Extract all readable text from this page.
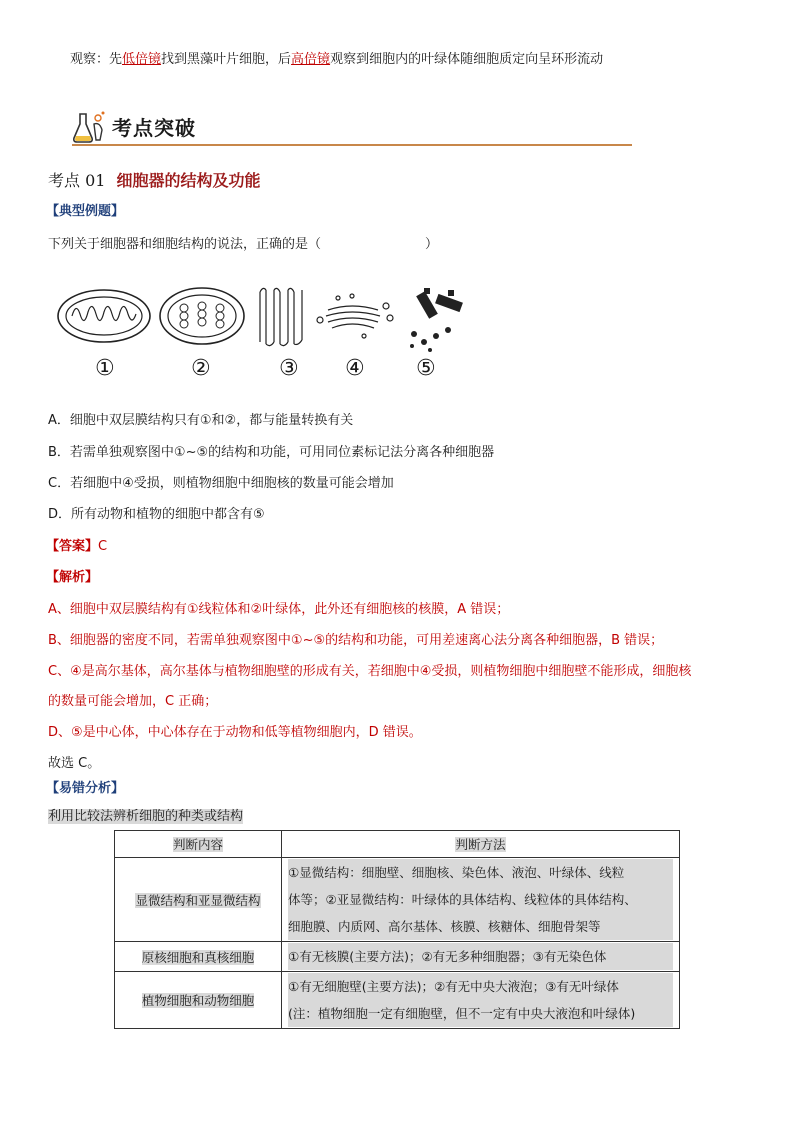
观察：先低倍镜找到黑藻叶片细胞，后高倍镜观察到细胞内的叶绿体随细胞质定向呈环形流动
考点突破
考点 01 细胞器的结构及功能
【典型例题】
下列关于细胞器和细胞结构的说法，正确的是（　　　　　　　　）
①	②	③ ④ ⑤
A．细胞中双层膜结构只有①和②，都与能量转换有关
B．若需单独观察图中①~⑤的结构和功能，可用同位素标记法分离各种细胞器
C．若细胞中④受损，则植物细胞中细胞核的数量可能会增加
D．所有动物和植物的细胞中都含有⑤
【答案】C
【解析】
A、细胞中双层膜结构有①线粒体和②叶绿体，此外还有细胞核的核膜，A 错误；
B、细胞器的密度不同，若需单独观察图中①~⑤的结构和功能，可用差速离心法分离各种细胞器，B 错误；
C、④是高尔基体，高尔基体与植物细胞壁的形成有关，若细胞中④受损，则植物细胞中细胞壁不能形成，细胞核
的数量可能会增加，C 正确；
D、⑤是中心体，中心体存在于动物和低等植物细胞内，D 错误。
故选 C。
【易错分析】
利用比较法辨析细胞的种类或结构
判断内容	判断方法
显微结构和亚显微结构	①显微结构：细胞壁、细胞核、染色体、液泡、叶绿体、线粒
体等；②亚显微结构：叶绿体的具体结构、线粒体的具体结构、
细胞膜、内质网、高尔基体、核膜、核糖体、细胞骨架等

原核细胞和真核细胞	①有无核膜(主要方法)；②有无多种细胞器；③有无染色体

植物细胞和动物细胞	①有无细胞壁(主要方法)；②有无中央大液泡；③有无叶绿体
(注：植物细胞一定有细胞壁，但不一定有中央大液泡和叶绿体)
